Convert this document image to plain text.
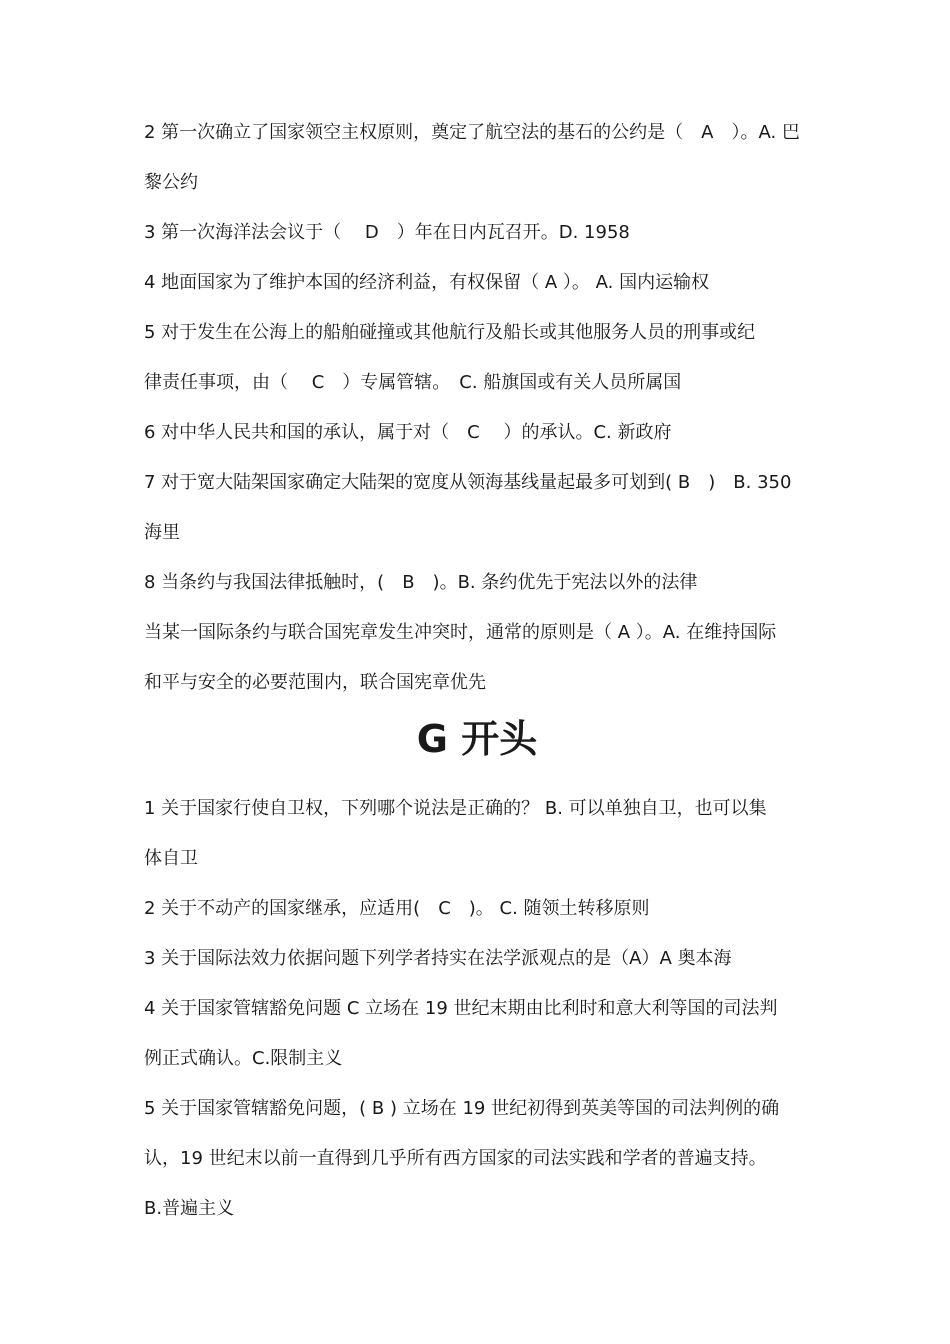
2 第一次确立了国家领空主权原则，奠定了航空法的基石的公约是（　A　）。A. 巴
黎公约
3 第一次海洋法会议于（　 D　）年在日内瓦召开。D. 1958
4 地面国家为了维护本国的经济利益，有权保留（ A ）。 A. 国内运输权
5 对于发生在公海上的船舶碰撞或其他航行及船长或其他服务人员的刑事或纪
律责任事项，由（　 C　）专属管辖。　C. 船旗国或有关人员所属国
6 对中华人民共和国的承认，属于对（　C　 ）的承认。C. 新政府
7 对于宽大陆架国家确定大陆架的宽度从领海基线量起最多可划到( B　)　B. 350
海里
8 当条约与我国法律抵触时，(　B　)。B. 条约优先于宪法以外的法律
当某一国际条约与联合国宪章发生冲突时，通常的原则是（ A ）。A. 在维持国际
和平与安全的必要范围内，联合国宪章优先
G 开头
1 关于国家行使自卫权，下列哪个说法是正确的？ B. 可以单独自卫，也可以集
体自卫
2 关于不动产的国家继承，应适用(　C　)。 C. 随领土转移原则
3 关于国际法效力依据问题下列学者持实在法学派观点的是（A）A 奥本海
4 关于国家管辖豁免问题 C 立场在 19 世纪末期由比利时和意大利等国的司法判
例正式确认。C.限制主义
5 关于国家管辖豁免问题，( B ) 立场在 19 世纪初得到英美等国的司法判例的确
认，19 世纪末以前一直得到几乎所有西方国家的司法实践和学者的普遍支持。
B.普遍主义
